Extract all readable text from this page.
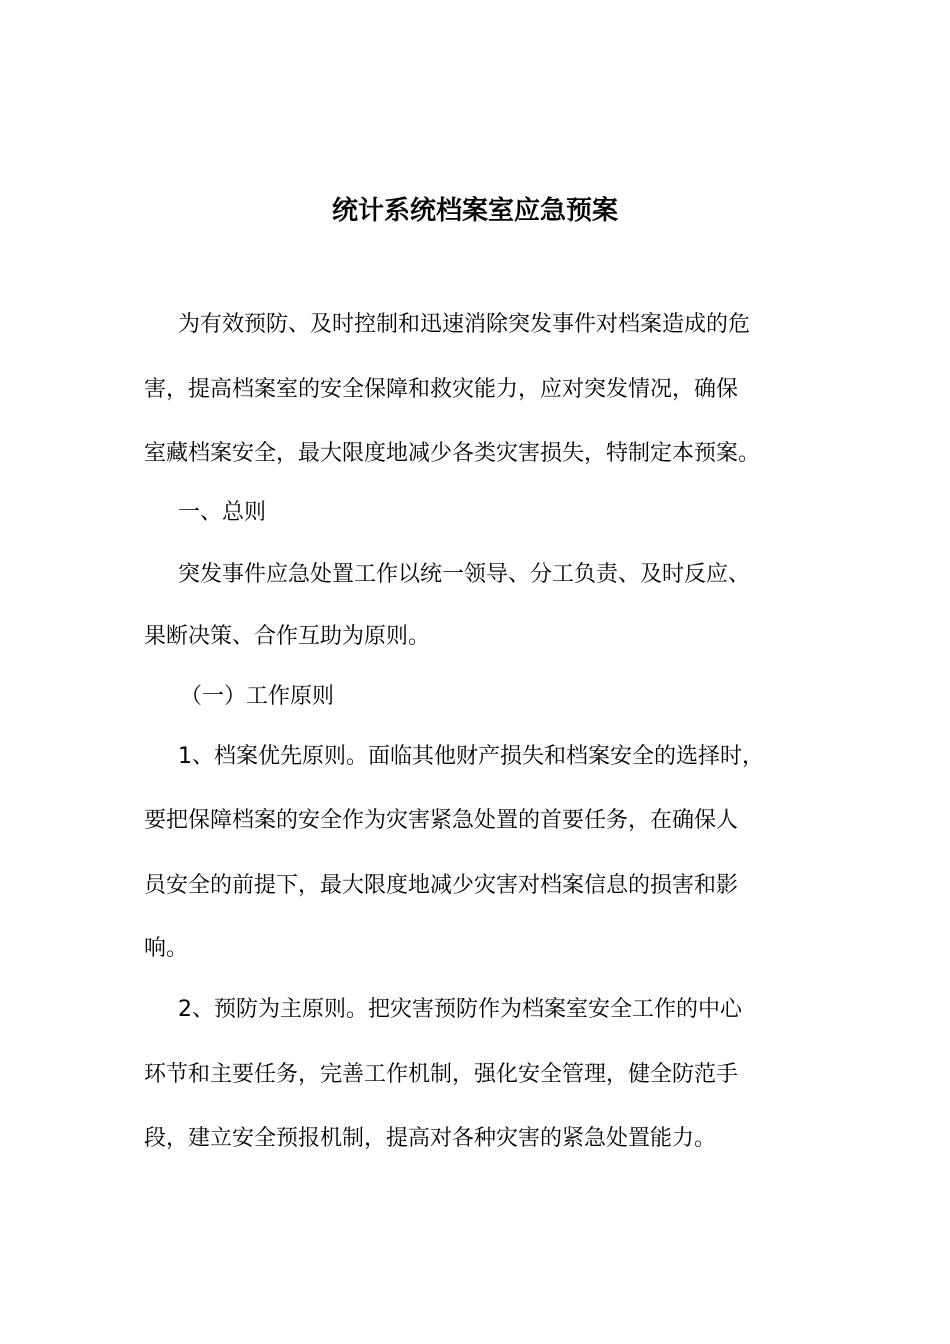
统计系统档案室应急预案
为有效预防、及时控制和迅速消除突发事件对档案造成的危
害，提高档案室的安全保障和救灾能力，应对突发情况，确保
室藏档案安全，最大限度地减少各类灾害损失，特制定本预案。
一、总则
突发事件应急处置工作以统一领导、分工负责、及时反应、
果断决策、合作互助为原则。
（一）工作原则
1、档案优先原则。面临其他财产损失和档案安全的选择时，
要把保障档案的安全作为灾害紧急处置的首要任务，在确保人
员安全的前提下，最大限度地减少灾害对档案信息的损害和影
响。
2、预防为主原则。把灾害预防作为档案室安全工作的中心
环节和主要任务，完善工作机制，强化安全管理，健全防范手
段，建立安全预报机制，提高对各种灾害的紧急处置能力。
